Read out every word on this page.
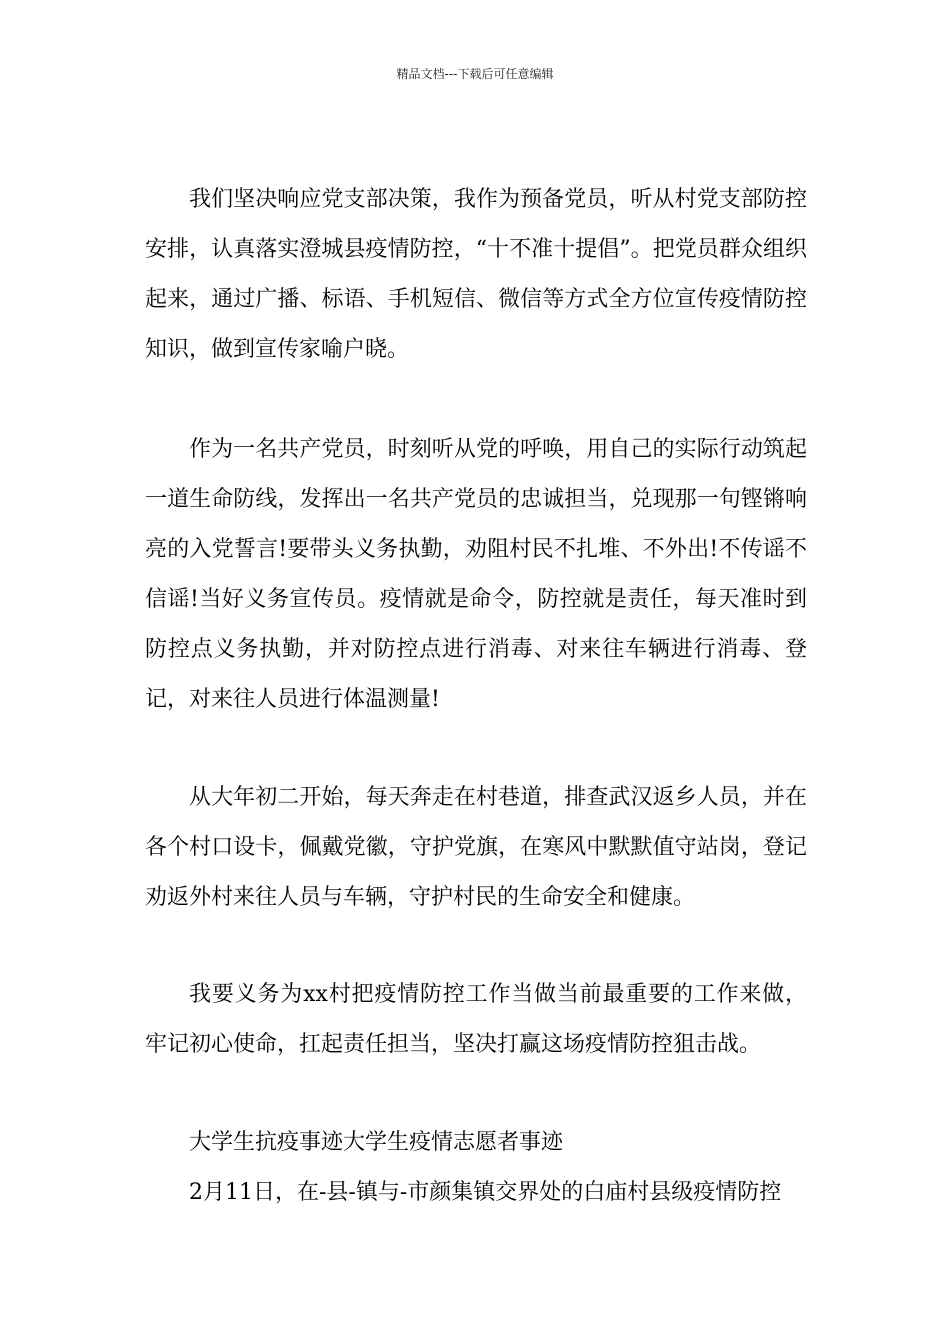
精品文档---下载后可任意编辑

我们坚决响应党支部决策，我作为预备党员，听从村党支部防控安排，认真落实澄城县疫情防控，“十不准十提倡”。把党员群众组织起来，通过广播、标语、手机短信、微信等方式全方位宣传疫情防控知识，做到宣传家喻户晓。

作为一名共产党员，时刻听从党的呼唤，用自己的实际行动筑起一道生命防线，发挥出一名共产党员的忠诚担当，兑现那一句铿锵响亮的入党誓言!要带头义务执勤，劝阻村民不扎堆、不外出!不传谣不信谣!当好义务宣传员。疫情就是命令，防控就是责任，每天准时到防控点义务执勤，并对防控点进行消毒、对来往车辆进行消毒、登记，对来往人员进行体温测量!

从大年初二开始，每天奔走在村巷道，排查武汉返乡人员，并在各个村口设卡，佩戴党徽，守护党旗，在寒风中默默值守站岗，登记劝返外村来往人员与车辆，守护村民的生命安全和健康。

我要义务为xx村把疫情防控工作当做当前最重要的工作来做，牢记初心使命，扛起责任担当，坚决打赢这场疫情防控狙击战。

大学生抗疫事迹大学生疫情志愿者事迹

2月11日，在-县-镇与-市颜集镇交界处的白庙村县级疫情防控
